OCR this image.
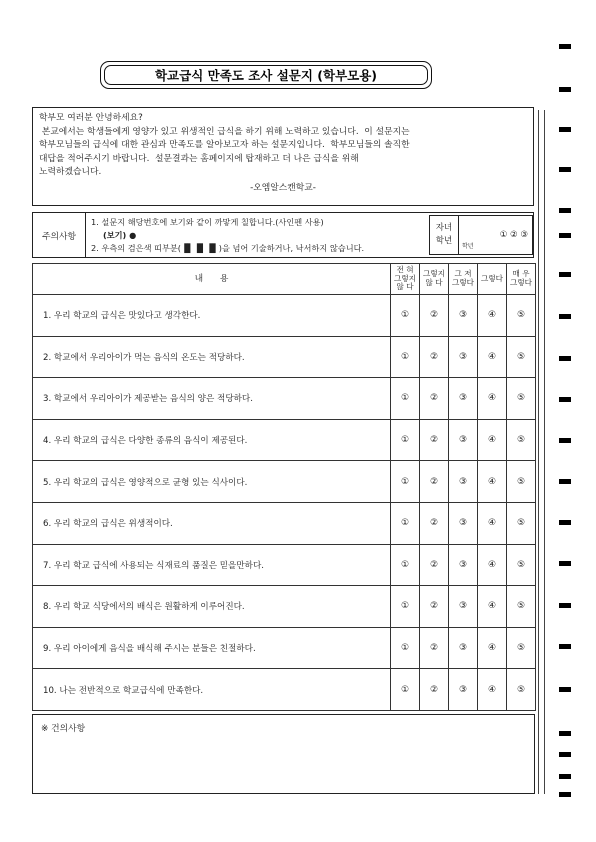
학교급식 만족도 조사 설문지 (학부모용)

학부모 여러분 안녕하세요?

본교에서는 학생들에게 영양가 있고 위생적인 급식을 하기 위해 노력하고 있습니다.  이 설문지는

학부모님들의 급식에 대한 관심과 만족도를 알아보고자 하는 설문지입니다.  학부모님들의 솔직한

대답을 적어주시기 바랍니다.  설문결과는 홈페이지에 탑재하고 더 나은 급식을 위해

노력하겠습니다.

-오엠알스캔학교-

주의사항
1. 설문지 해당번호에 보기와 같이 까맣게 칠합니다.(사인펜 사용)
(보기) ●
2. 우측의 검은색 띠부분(▐▌▐▌▐▌)을 넘어 기술하거나, 낙서하지 않습니다.
자녀
학년
학년
① ② ③
내      용	전 혀
그렇지
않 다	그렇지
않 다	그 저
그렇다	그렇다	매 우
그렇다
1. 우리 학교의 급식은 맛있다고 생각한다.	①	②	③	④	⑤
2. 학교에서 우리아이가 먹는 음식의 온도는 적당하다.	①	②	③	④	⑤
3. 학교에서 우리아이가 제공받는 음식의 양은 적당하다.	①	②	③	④	⑤
4. 우리 학교의 급식은 다양한 종류의 음식이 제공된다.	①	②	③	④	⑤
5. 우리 학교의 급식은 영양적으로 균형 있는 식사이다.	①	②	③	④	⑤
6. 우리 학교의 급식은 위생적이다.	①	②	③	④	⑤
7. 우리 학교 급식에 사용되는 식재료의 품질은 믿을만하다.	①	②	③	④	⑤
8. 우리 학교 식당에서의 배식은 원활하게 이루어진다.	①	②	③	④	⑤
9. 우리 아이에게 음식을 배식해 주시는 분들은 친절하다.	①	②	③	④	⑤
10. 나는 전반적으로 학교급식에 만족한다.	①	②	③	④	⑤
※ 건의사항
